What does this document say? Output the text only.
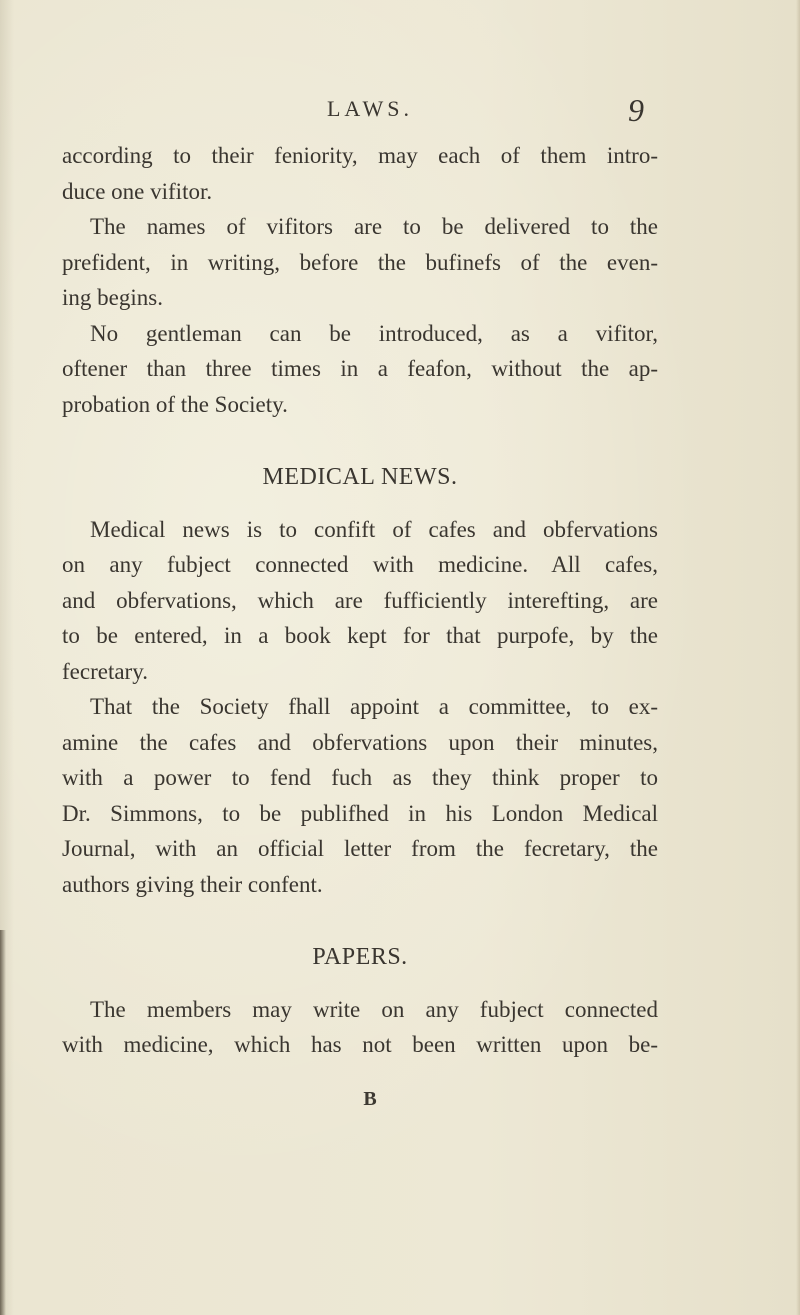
LAWS.	9
according to their feniority, may each of them intro-
duce one vifitor.
The names of vifitors are to be delivered to the
prefident, in writing, before the bufinefs of the even-
ing begins.
No gentleman can be introduced, as a vifitor,
oftener than three times in a feafon, without the ap-
probation of the Society.
MEDICAL NEWS.
Medical news is to confift of cafes and obfervations
on any fubject connected with medicine. All cafes,
and obfervations, which are fufficiently interefting, are
to be entered, in a book kept for that purpofe, by the
fecretary.
That the Society fhall appoint a committee, to ex-
amine the cafes and obfervations upon their minutes,
with a power to fend fuch as they think proper to
Dr. Simmons, to be publifhed in his London Medical
Journal, with an official letter from the fecretary, the
authors giving their confent.
PAPERS.
The members may write on any fubject connected
with medicine, which has not been written upon be-
B
